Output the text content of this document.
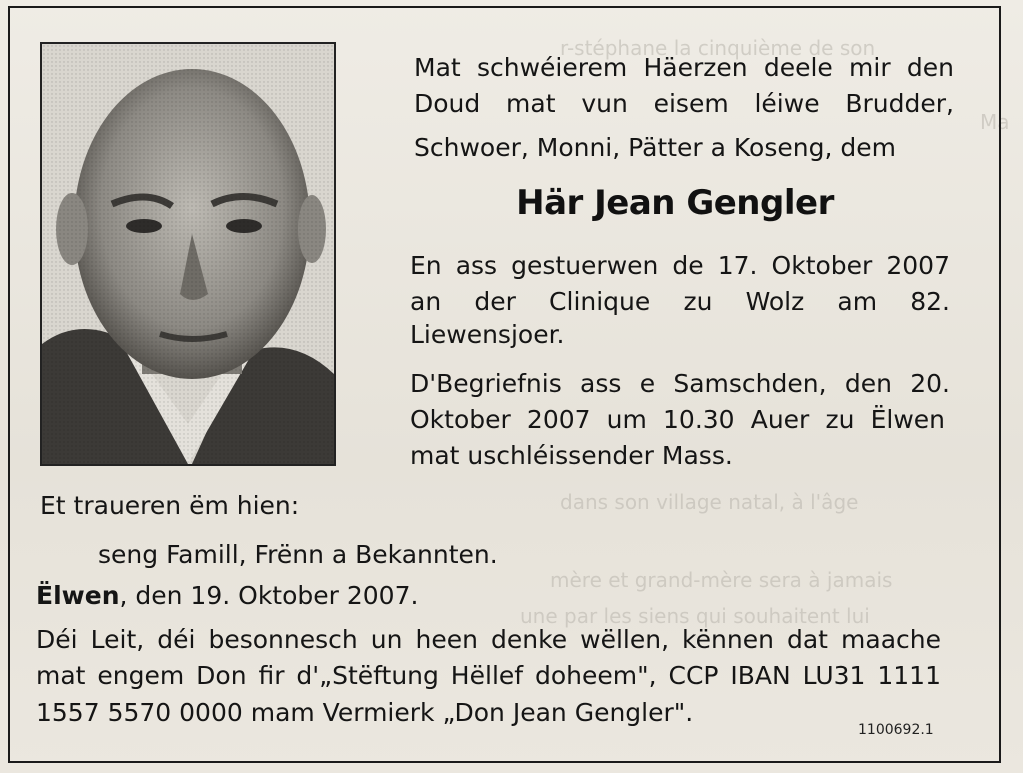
r-stéphane la cinquième de son
Ma
dans son village natal, à l'âge
mère et grand-mère sera à jamais
une par les siens qui souhaitent lui
Mat schwéierem Häerzen deele mir den
Doud mat vun eisem léiwe Brudder,
Schwoer, Monni, Pätter a Koseng, dem
Här Jean Gengler
En ass gestuerwen de 17. Oktober 2007
an der Clinique zu Wolz am 82.
Liewensjoer.
D'Begriefnis ass e Samschden, den 20.
Oktober 2007 um 10.30 Auer zu Ëlwen
mat uschléissender Mass.
Et traueren ëm hien:
seng Famill, Frënn a Bekannten.
Ëlwen, den 19. Oktober 2007.
Déi Leit, déi besonnesch un heen denke wëllen, kënnen dat maache
mat engem Don fir d'„Stëftung Hëllef doheem", CCP IBAN LU31 1111
1557 5570 0000 mam Vermierk „Don Jean Gengler".
1100692.1
